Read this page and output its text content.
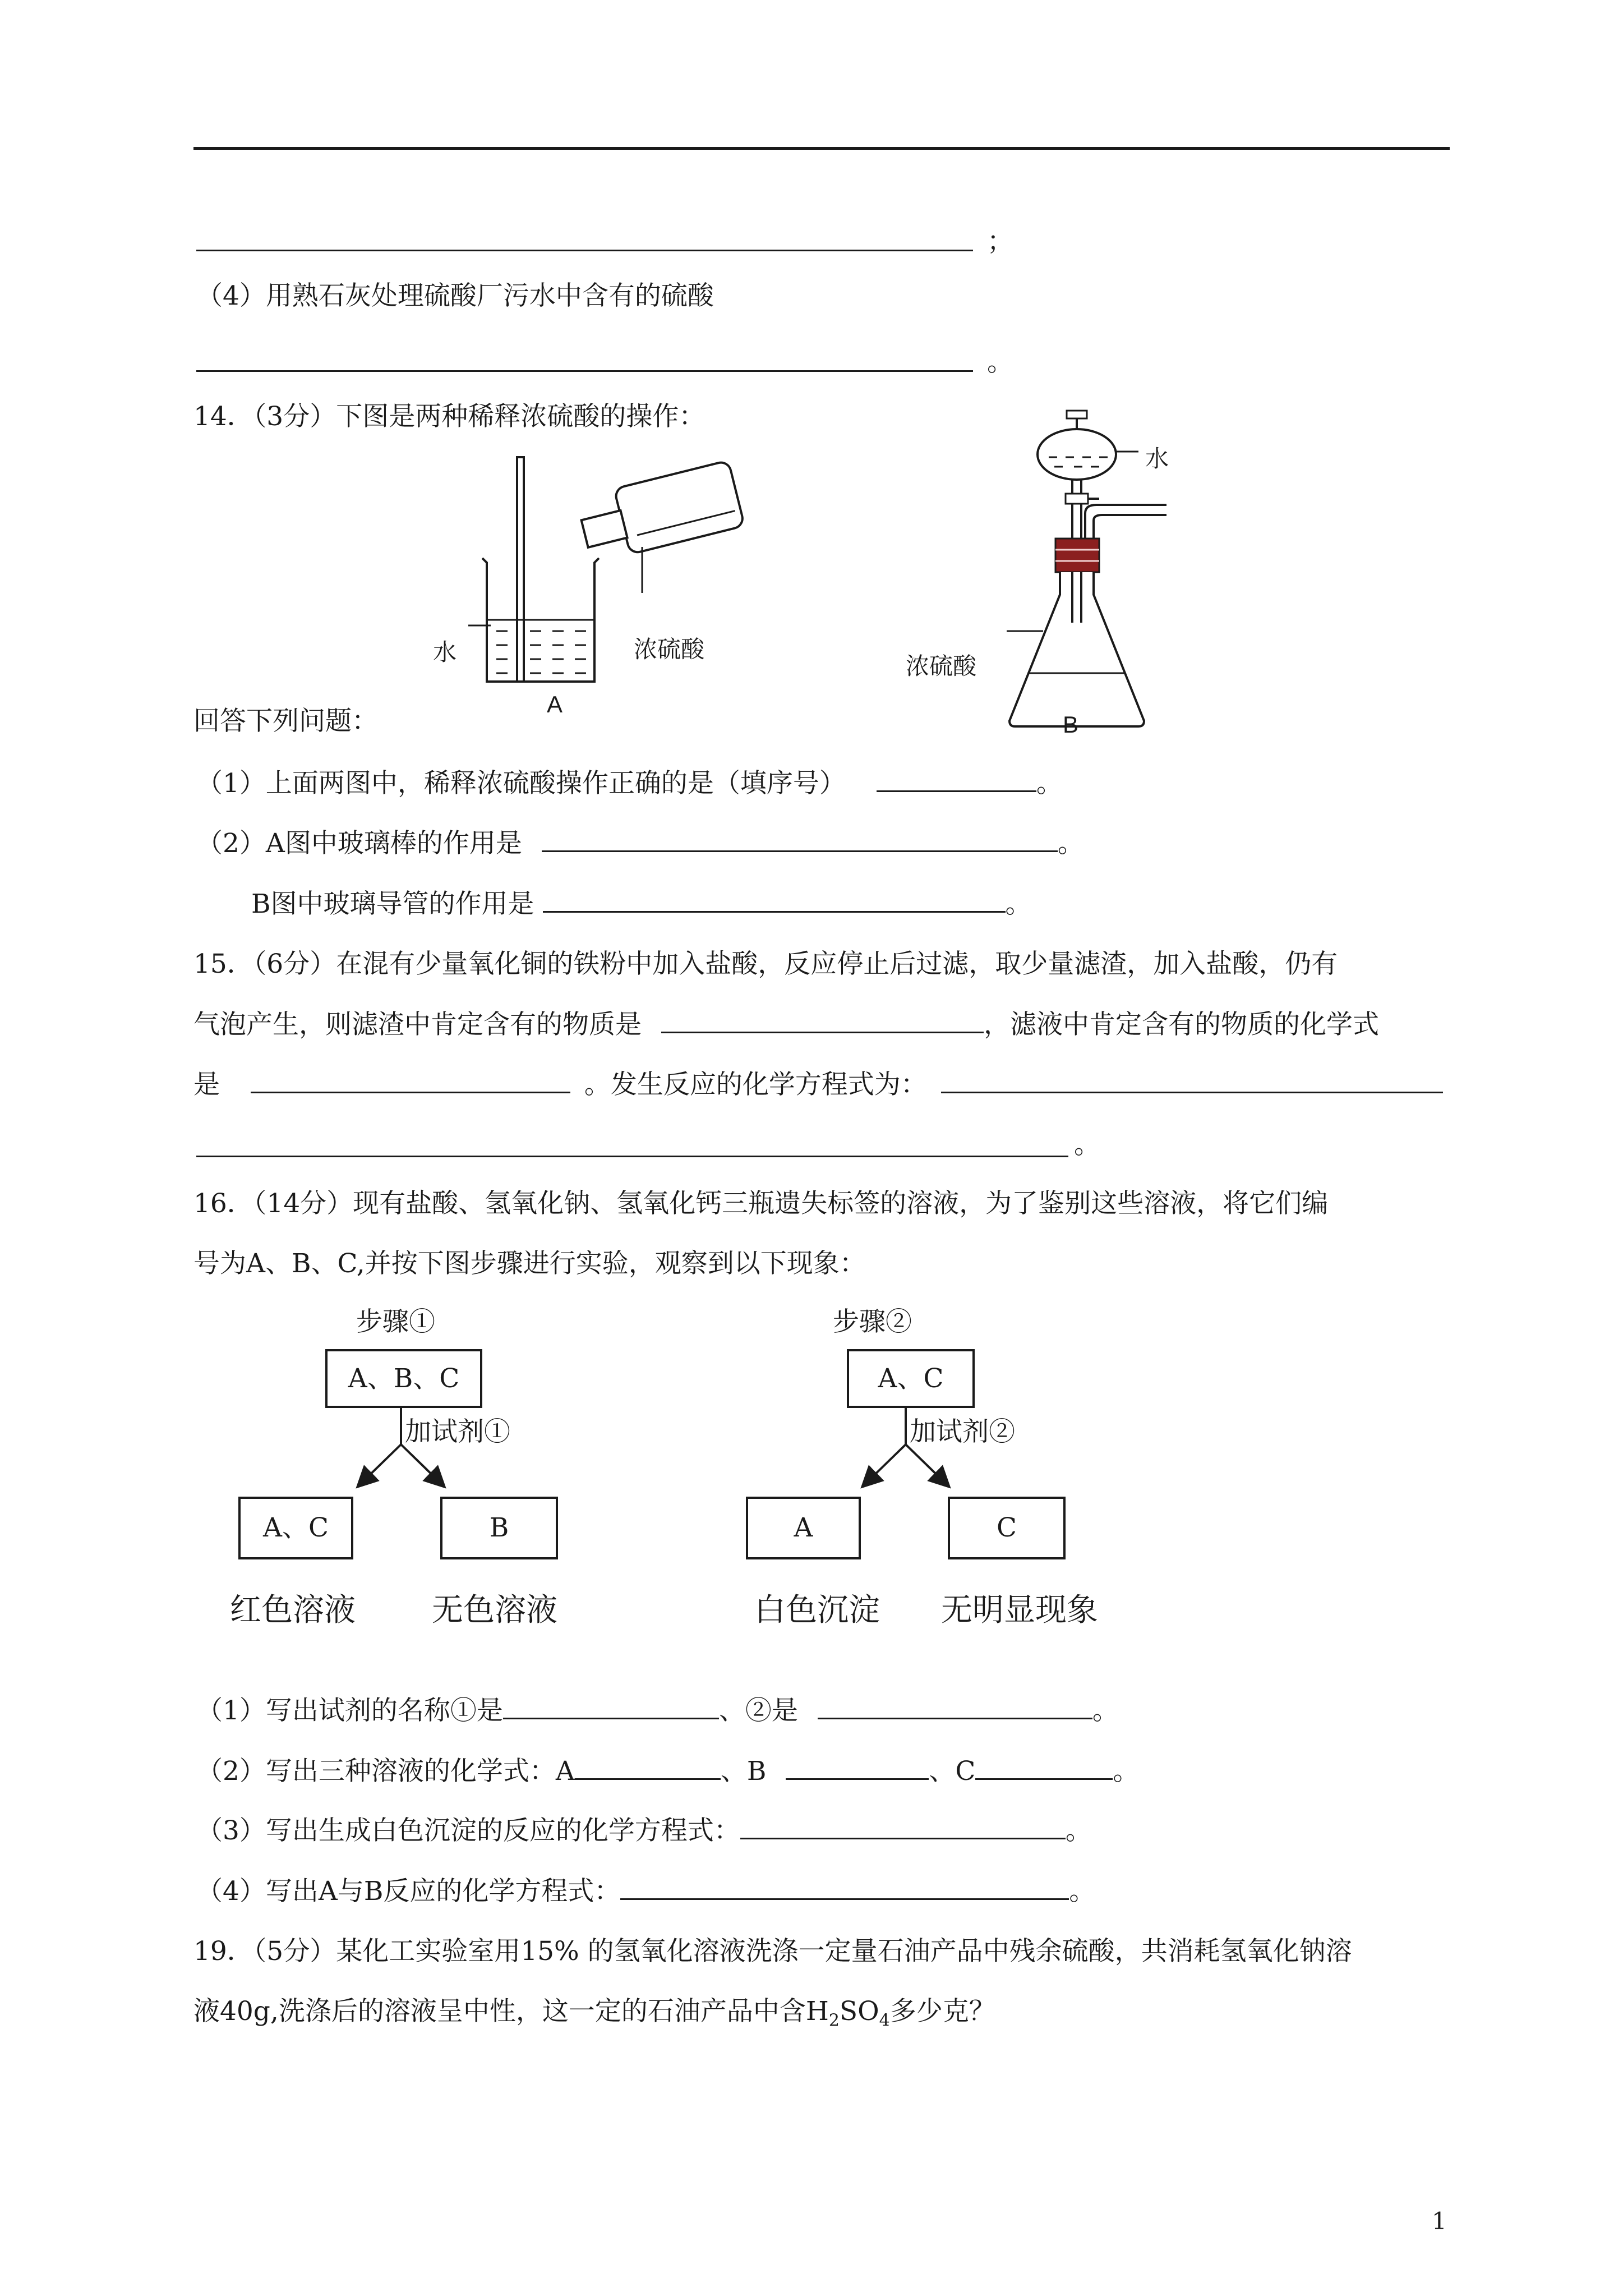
；
（4）用熟石灰处理硫酸厂污水中含有的硫酸
。
14．（3分）下图是两种稀释浓硫酸的操作：
水	浓硫酸
A
水
浓硫酸
B
回答下列问题：
（1）上面两图中，稀释浓硫酸操作正确的是（填序号）	。
（2）A图中玻璃棒的作用是	。
B图中玻璃导管的作用是	。
15．（6分）在混有少量氧化铜的铁粉中加入盐酸，反应停止后过滤，取少量滤渣，加入盐酸，仍有
气泡产生，则滤渣中肯定含有的物质是	，滤液中肯定含有的物质的化学式
是	。发生反应的化学方程式为：
。
16．（14分）现有盐酸、氢氧化钠、氢氧化钙三瓶遗失标签的溶液，为了鉴别这些溶液，将它们编
号为A、B、C,并按下图步骤进行实验，观察到以下现象：
步骤①
A、B、C
加试剂①
A、C	B
红色溶液 无色溶液
步骤②
A、C
加试剂②
A	C
白色沉淀 无明显现象
（1）写出试剂的名称①是	、②是	。
（2）写出三种溶液的化学式：A	、B	、C	。
（3）写出生成白色沉淀的反应的化学方程式：	。
（4）写出A与B反应的化学方程式：	。
19．（5分）某化工实验室用15% 的氢氧化溶液洗涤一定量石油产品中残余硫酸，共消耗氢氧化钠溶
液40g,洗涤后的溶液呈中性，这一定的石油产品中含$H_2SO_4$多少克？
1
